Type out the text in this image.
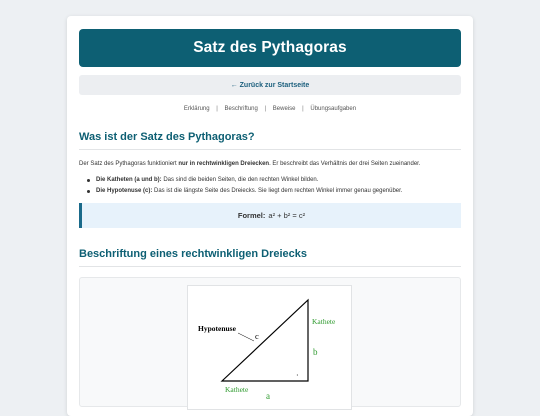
Satz des Pythagoras
← Zurück zur Startseite
Erklärung | Beschriftung | Beweise | Übungsaufgaben
Was ist der Satz des Pythagoras?

Der Satz des Pythagoras funktioniert nur in rechtwinkligen Dreiecken. Er beschreibt das Verhältnis der drei Seiten zueinander.

Die Katheten (a und b): Das sind die beiden Seiten, die den rechten Winkel bilden.
Die Hypotenuse (c): Das ist die längste Seite des Dreiecks. Sie liegt dem rechten Winkel immer genau gegenüber.
Formel: a² + b² = c²
Beschriftung eines rechtwinkligen Dreiecks
Hypotenuse
c
Kathete
b
Kathete
a
·
